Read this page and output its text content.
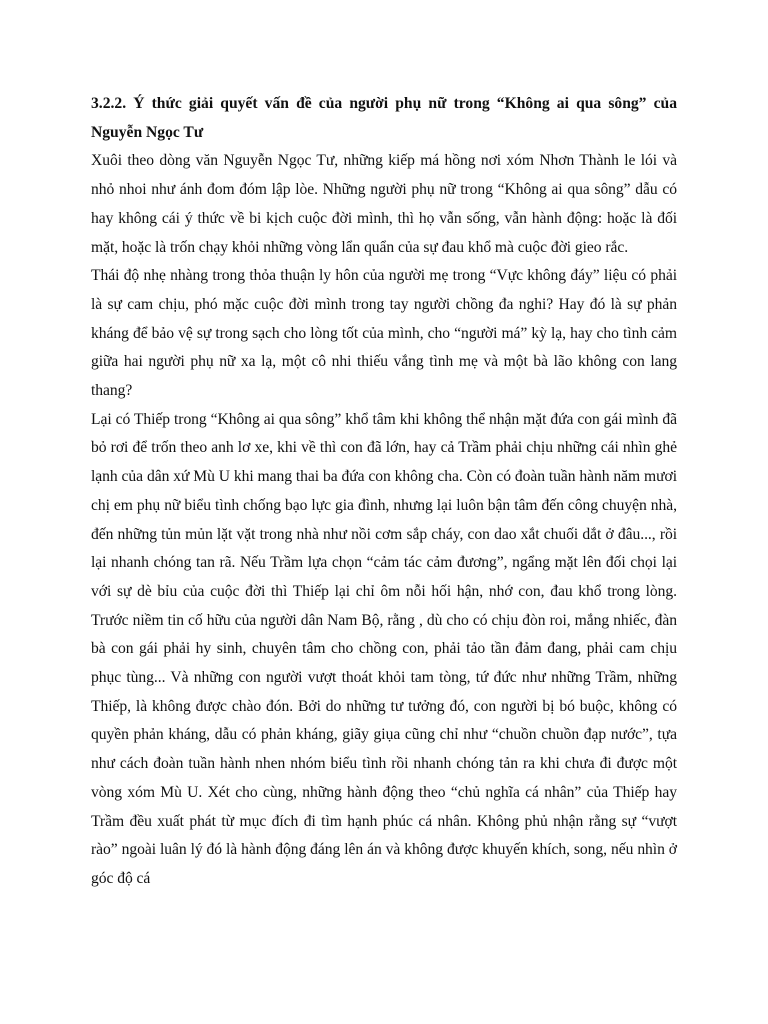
3.2.2. Ý thức giải quyết vấn đề của người phụ nữ trong “Không ai qua sông” của Nguyễn Ngọc Tư

Xuôi theo dòng văn Nguyễn Ngọc Tư, những kiếp má hồng nơi xóm Nhơn Thành le lói và nhỏ nhoi như ánh đom đóm lập lòe. Những người phụ nữ trong “Không ai qua sông” dẫu có hay không cái ý thức về bi kịch cuộc đời mình, thì họ vẫn sống, vẫn hành động: hoặc là đối mặt, hoặc là trốn chạy khỏi những vòng lẩn quẩn của sự đau khổ mà cuộc đời gieo rắc.

Thái độ nhẹ nhàng trong thỏa thuận ly hôn của người mẹ trong “Vực không đáy” liệu có phải là sự cam chịu, phó mặc cuộc đời mình trong tay người chồng đa nghi? Hay đó là sự phản kháng để bảo vệ sự trong sạch cho lòng tốt của mình, cho “người má” kỳ lạ, hay cho tình cảm giữa hai người phụ nữ xa lạ, một cô nhi thiếu vắng tình mẹ và một bà lão không con lang thang?

Lại có Thiếp trong “Không ai qua sông” khổ tâm khi không thể nhận mặt đứa con gái mình đã bỏ rơi để trốn theo anh lơ xe, khi về thì con đã lớn, hay cả Trầm phải chịu những cái nhìn ghẻ lạnh của dân xứ Mù U khi mang thai ba đứa con không cha. Còn có đoàn tuần hành năm mươi chị em phụ nữ biểu tình chống bạo lực gia đình, nhưng lại luôn bận tâm đến công chuyện nhà, đến những tủn mủn lặt vặt trong nhà như nồi cơm sắp cháy, con dao xắt chuối dắt ở đâu..., rồi lại nhanh chóng tan rã. Nếu Trầm lựa chọn “cảm tác cảm đương”, ngẩng mặt lên đối chọi lại với sự dè bỉu của cuộc đời thì Thiếp lại chỉ ôm nỗi hối hận, nhớ con, đau khổ trong lòng. Trước niềm tin cố hữu của người dân Nam Bộ, rằng , dù cho có chịu đòn roi, mắng nhiếc, đàn bà con gái phải hy sinh, chuyên tâm cho chồng con, phải tảo tần đảm đang, phải cam chịu phục tùng... Và những con người vượt thoát khỏi tam tòng, tứ đức như những Trầm, những Thiếp, là không được chào đón. Bởi do những tư tưởng đó, con người bị bó buộc, không có quyền phản kháng, dẫu có phản kháng, giãy giụa cũng chỉ như “chuồn chuồn đạp nước”, tựa như cách đoàn tuần hành nhen nhóm biểu tình rồi nhanh chóng tản ra khi chưa đi được một vòng xóm Mù U. Xét cho cùng, những hành động theo “chủ nghĩa cá nhân” của Thiếp hay Trầm đều xuất phát từ mục đích đi tìm hạnh phúc cá nhân. Không phủ nhận rằng sự “vượt rào” ngoài luân lý đó là hành động đáng lên án và không được khuyến khích, song, nếu nhìn ở góc độ cá
